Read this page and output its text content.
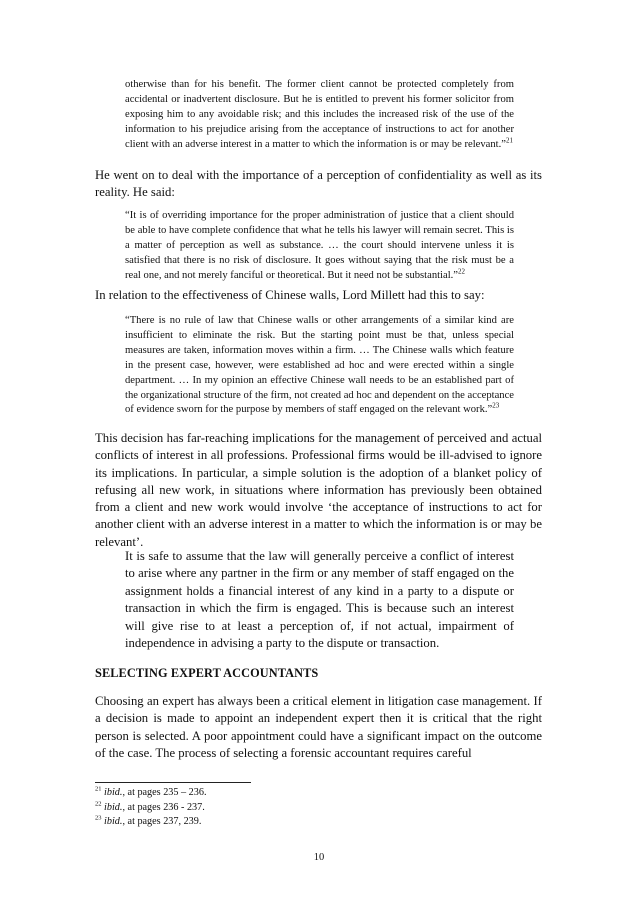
otherwise than for his benefit. The former client cannot be protected completely from accidental or inadvertent disclosure. But he is entitled to prevent his former solicitor from exposing him to any avoidable risk; and this includes the increased risk of the use of the information to his prejudice arising from the acceptance of instructions to act for another client with an adverse interest in a matter to which the information is or may be relevant.”$^{21}$

He went on to deal with the importance of a perception of confidentiality as well as its reality. He said:

“It is of overriding importance for the proper administration of justice that a client should be able to have complete confidence that what he tells his lawyer will remain secret. This is a matter of perception as well as substance. … the court should intervene unless it is satisfied that there is no risk of disclosure. It goes without saying that the risk must be a real one, and not merely fanciful or theoretical. But it need not be substantial.”$^{22}$

In relation to the effectiveness of Chinese walls, Lord Millett had this to say:

“There is no rule of law that Chinese walls or other arrangements of a similar kind are insufficient to eliminate the risk. But the starting point must be that, unless special measures are taken, information moves within a firm. … The Chinese walls which feature in the present case, however, were established ad hoc and were erected within a single department. … In my opinion an effective Chinese wall needs to be an established part of the organizational structure of the firm, not created ad hoc and dependent on the acceptance of evidence sworn for the purpose by members of staff engaged on the relevant work.”$^{23}$

This decision has far-reaching implications for the management of perceived and actual conflicts of interest in all professions. Professional firms would be ill-advised to ignore its implications. In particular, a simple solution is the adoption of a blanket policy of refusing all new work, in situations where information has previously been obtained from a client and new work would involve ‘the acceptance of instructions to act for another client with an adverse interest in a matter to which the information is or may be relevant’.

It is safe to assume that the law will generally perceive a conflict of interest to arise where any partner in the firm or any member of staff engaged on the assignment holds a financial interest of any kind in a party to a dispute or transaction in which the firm is engaged. This is because such an interest will give rise to at least a perception of, if not actual, impairment of independence in advising a party to the dispute or transaction.

SELECTING EXPERT ACCOUNTANTS

Choosing an expert has always been a critical element in litigation case management. If a decision is made to appoint an independent expert then it is critical that the right person is selected. A poor appointment could have a significant impact on the outcome of the case. The process of selecting a forensic accountant requires careful

$^{21}$ ibid., at pages 235 – 236.
$^{22}$ ibid., at pages 236 - 237.
$^{23}$ ibid., at pages 237, 239.
10
